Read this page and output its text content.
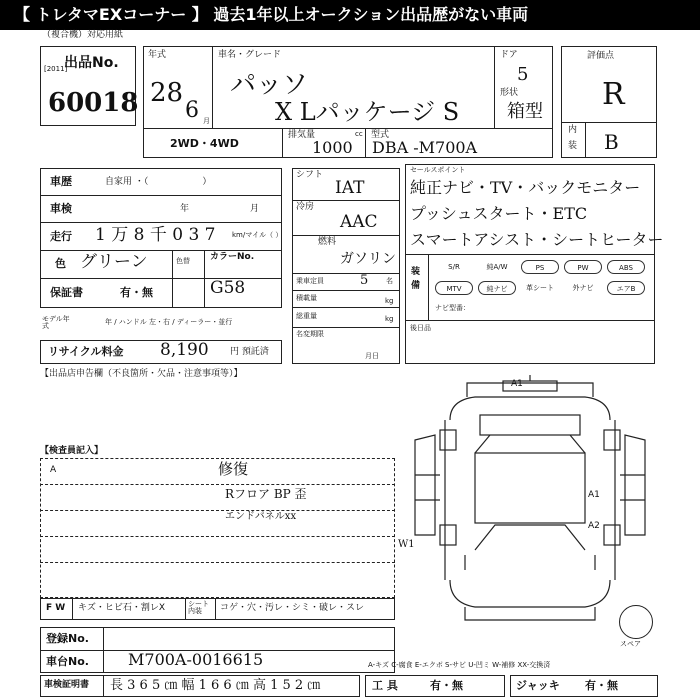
【 トレタマEXコーナー 】 過去1年以上オークション出品歴がない車両
（複合機）対応用紙
出品No.
[2011]
60018
年式
28
6 月
車名・グレード
パッソ
X Lパッケージ S
ドア
5
形状
箱型
2WD・4WD
排気量	cc
1000
型式
DBA -M700A
評価点
R
内
装 B
車歴	自家用 ・（　　　　　　）
車検	年	月
走行 1 万 8 千 0 3 7 km/マイル（ ）
色 グリーン	色替 カラーNo.
G58
保証書	有・無
モデル年式	年 / ハンドル 左・右 / ディーラー・並行
リサイクル料金 8,190 円 預託済
シフト
IAT
冷房
AAC
燃料
ガソリン
乗車定員	5	名
積載量	kg
総重量	kg
名変期限
月日
セールスポイント
純正ナビ・TV・バックモニター
プッシュスタート・ETC
スマートアシスト・シートヒーター
装備
S/R	純A/W	PS	PW	ABS
MTV	純ナビ	革シート	外ナビ	エアB
ナビ型番：
後日品
【出品店申告欄（不良箇所・欠品・注意事項等）】
【検査員記入】
A	修復
Rフロア BP 歪
エンドパネルxx
A1
A1
A2
W1
スペア
F W キズ・ヒビ石・割レX	シート内装	コゲ・穴・汚レ・シミ・破レ・スレ
登録No.
車台No. M700A-0016615	A-キズ C-腐食 E-エクボ S-サビ U-凹ミ W-補修 XX-交換済
車検証明書 長 3 6 5 ㎝ 幅 1 6 6 ㎝ 高 1 5 2 ㎝	工 具	有・無	ジャッキ 有・無
